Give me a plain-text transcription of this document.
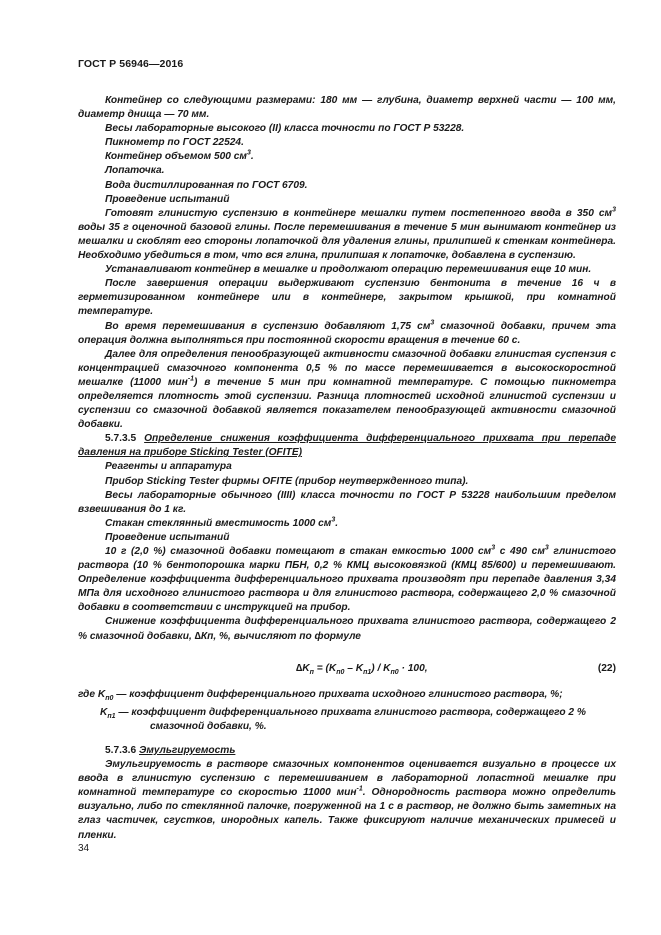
ГОСТ Р 56946—2016

Контейнер со следующими размерами: 180 мм — глубина, диаметр верхней части — 100 мм, диаметр днища — 70 мм.

Весы лабораторные высокого (II) класса точности по ГОСТ Р 53228.

Пикнометр по ГОСТ 22524.

Контейнер объемом 500 $см^3$.

Лопаточка.

Вода дистиллированная по ГОСТ 6709.

Проведение испытаний

Готовят глинистую суспензию в контейнере мешалки путем постепенного ввода в 350 $см^3$ воды 35 г оценочной базовой глины. После перемешивания в течение 5 мин вынимают контейнер из мешалки и скоблят его стороны лопаточкой для удаления глины, прилипшей к стенкам контейнера. Необходимо убедиться в том, что вся глина, прилипшая к лопаточке, добавлена в суспензию.

Устанавливают контейнер в мешалке и продолжают операцию перемешивания еще 10 мин.

После завершения операции выдерживают суспензию бентонита в течение 16 ч в герметизированном контейнере или в контейнере, закрытом крышкой, при комнатной температуре.

Во время перемешивания в суспензию добавляют 1,75 $см^3$ смазочной добавки, причем эта операция должна выполняться при постоянной скорости вращения в течение 60 с.

Далее для определения пенообразующей активности смазочной добавки глинистая суспензия с концентрацией смазочного компонента 0,5 % по массе перемешивается в высокоскоростной мешалке (11000 мин$^{-1}$) в течение 5 мин при комнатной температуре. С помощью пикнометра определяется плотность этой суспензии. Разница плотностей исходной глинистой суспензии и суспензии со смазочной добавкой является показателем пенообразующей активности смазочной добавки.

5.7.3.5 Определение снижения коэффициента дифференциального прихвата при перепаде давления на приборе Sticking Tester (OFITE)

Реагенты и аппаратура

Прибор Sticking Tester фирмы OFITE (прибор неутвержденного типа).

Весы лабораторные обычного (IIII) класса точности по ГОСТ Р 53228 наибольшим пределом взвешивания до 1 кг.

Стакан стеклянный вместимость 1000 $см^3$.

Проведение испытаний

10 г (2,0 %) смазочной добавки помещают в стакан емкостью 1000 $см^3$ с 490 $см^3$ глинистого раствора (10 % бентопорошка марки ПБН, 0,2 % КМЦ высоковязкой (КМЦ 85/600) и перемешивают. Определение коэффициента дифференциального прихвата производят при перепаде давления 3,34 МПа для исходного глинистого раствора и для глинистого раствора, содержащего 2,0 % смазочной добавки в соответствии с инструкцией на прибор.

Снижение коэффициента дифференциального прихвата глинистого раствора, содержащего 2 % смазочной добавки, ∆Кп, %, вычисляют по формуле

$\Delta K_п = (K_{п0} - K_{п1}) / K_{п0} \cdot 100$,	(22)

где $K_{п0}$ — коэффициент дифференциального прихвата исходного глинистого раствора, %;

$K_{п1}$ — коэффициент дифференциального прихвата глинистого раствора, содержащего 2 % смазочной добавки, %.

5.7.3.6 Эмульгируемость

Эмульгируемость в растворе смазочных компонентов оценивается визуально в процессе их ввода в глинистую суспензию с перемешиванием в лабораторной лопастной мешалке при комнатной температуре со скоростью 11000 мин$^{-1}$. Однородность раствора можно определить визуально, либо по стеклянной палочке, погруженной на 1 с в раствор, не должно быть заметных на глаз частичек, сгустков, инородных капель. Также фиксируют наличие механических примесей и пленки.

34
